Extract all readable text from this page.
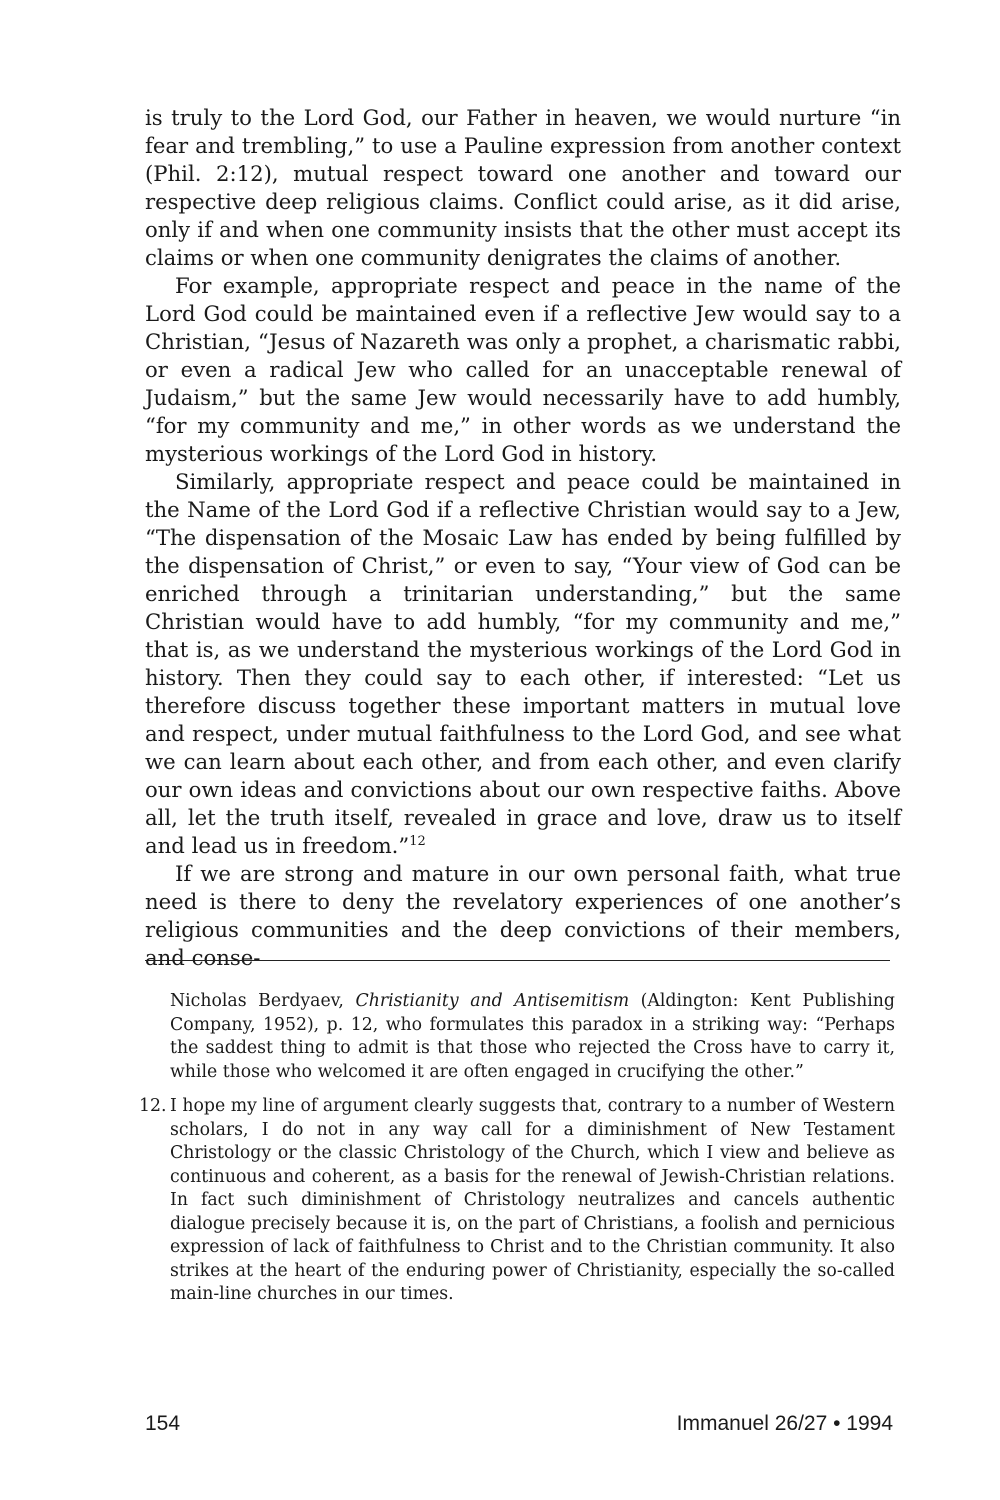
is truly to the Lord God, our Father in heaven, we would nurture “in fear and trembling,” to use a Pauline expression from another context (Phil. 2:12), mutual respect toward one another and toward our respective deep religious claims. Conflict could arise, as it did arise, only if and when one community insists that the other must accept its claims or when one community denigrates the claims of another.

For example, appropriate respect and peace in the name of the Lord God could be maintained even if a reflective Jew would say to a Christian, “Jesus of Nazareth was only a prophet, a charismatic rabbi, or even a radical Jew who called for an unacceptable renewal of Judaism,” but the same Jew would necessarily have to add humbly, “for my community and me,” in other words as we understand the mysterious workings of the Lord God in history.

Similarly, appropriate respect and peace could be maintained in the Name of the Lord God if a reflective Christian would say to a Jew, “The dispensation of the Mosaic Law has ended by being fulfilled by the dispensation of Christ,” or even to say, “Your view of God can be enriched through a trinitarian understanding,” but the same Christian would have to add humbly, “for my community and me,” that is, as we understand the mysterious workings of the Lord God in history. Then they could say to each other, if interested: “Let us therefore discuss together these important matters in mutual love and respect, under mutual faithfulness to the Lord God, and see what we can learn about each other, and from each other, and even clarify our own ideas and convictions about our own respective faiths. Above all, let the truth itself, revealed in grace and love, draw us to itself and lead us in freedom.”$^{12}$

If we are strong and mature in our own personal faith, what true need is there to deny the revelatory experiences of one another’s religious communities and the deep convictions of their members, and conse-

Nicholas Berdyaev, Christianity and Antisemitism (Aldington: Kent Publishing Company, 1952), p. 12, who formulates this paradox in a striking way: “Perhaps the saddest thing to admit is that those who rejected the Cross have to carry it, while those who welcomed it are often engaged in crucifying the other.”

12. I hope my line of argument clearly suggests that, contrary to a number of Western scholars, I do not in any way call for a diminishment of New Testament Christology or the classic Christology of the Church, which I view and believe as continuous and coherent, as a basis for the renewal of Jewish-Christian relations. In fact such diminishment of Christology neutralizes and cancels authentic dialogue precisely because it is, on the part of Christians, a foolish and pernicious expression of lack of faithfulness to Christ and to the Christian community. It also strikes at the heart of the enduring power of Christianity, especially the so-called main-line churches in our times.

154	Immanuel 26/27 • 1994
